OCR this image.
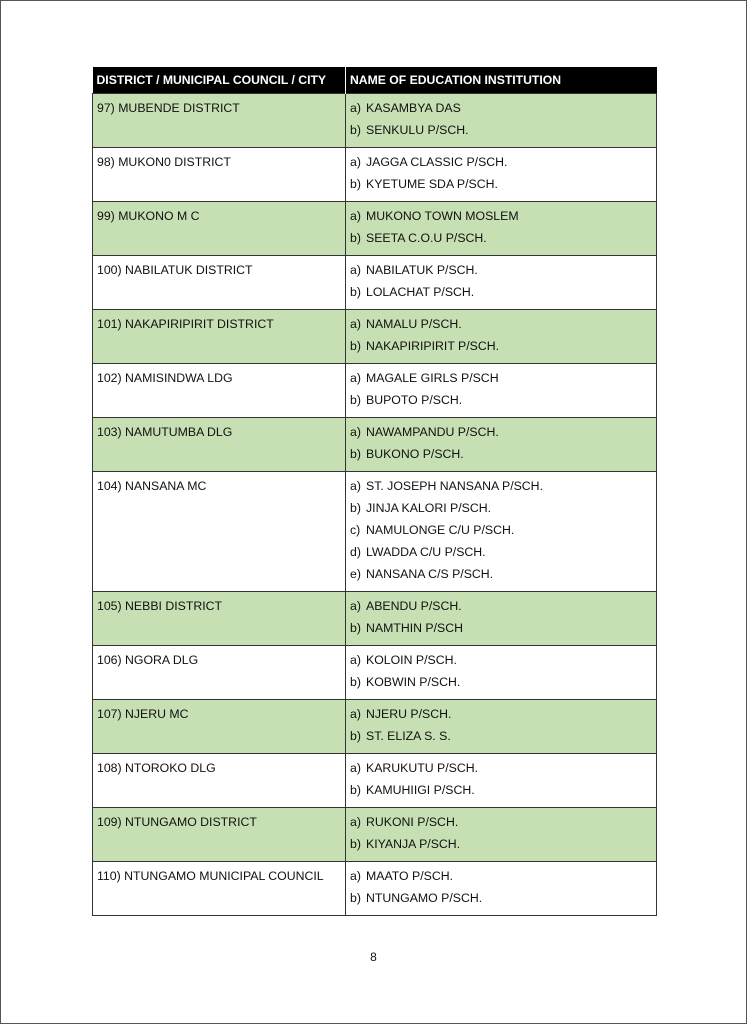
DISTRICT / MUNICIPAL COUNCIL / CITY	NAME OF EDUCATION INSTITUTION

97) MUBENDE DISTRICT	a) KASAMBYA DAS
b) SENKULU P/SCH.

98) MUKON0 DISTRICT	a) JAGGA CLASSIC P/SCH.
b) KYETUME SDA P/SCH.

99) MUKONO M C	a) MUKONO TOWN MOSLEM
b) SEETA C.O.U P/SCH.

100) NABILATUK DISTRICT	a) NABILATUK P/SCH.
b) LOLACHAT P/SCH.

101) NAKAPIRIPIRIT DISTRICT	a) NAMALU P/SCH.
b) NAKAPIRIPIRIT P/SCH.

102) NAMISINDWA LDG	a) MAGALE GIRLS P/SCH
b) BUPOTO P/SCH.

103) NAMUTUMBA DLG	a) NAWAMPANDU P/SCH.
b) BUKONO P/SCH.

104) NANSANA MC	a) ST. JOSEPH NANSANA P/SCH.
b) JINJA KALORI P/SCH.
c) NAMULONGE C/U P/SCH.
d) LWADDA C/U P/SCH.
e) NANSANA C/S P/SCH.

105) NEBBI DISTRICT	a) ABENDU P/SCH.
b) NAMTHIN P/SCH

106) NGORA DLG	a) KOLOIN P/SCH.
b) KOBWIN P/SCH.

107) NJERU MC	a) NJERU P/SCH.
b) ST. ELIZA S. S.

108) NTOROKO DLG	a) KARUKUTU P/SCH.
b) KAMUHIIGI P/SCH.

109) NTUNGAMO DISTRICT	a) RUKONI P/SCH.
b) KIYANJA P/SCH.

110) NTUNGAMO MUNICIPAL COUNCIL	a) MAATO P/SCH.
b) NTUNGAMO P/SCH.
8
